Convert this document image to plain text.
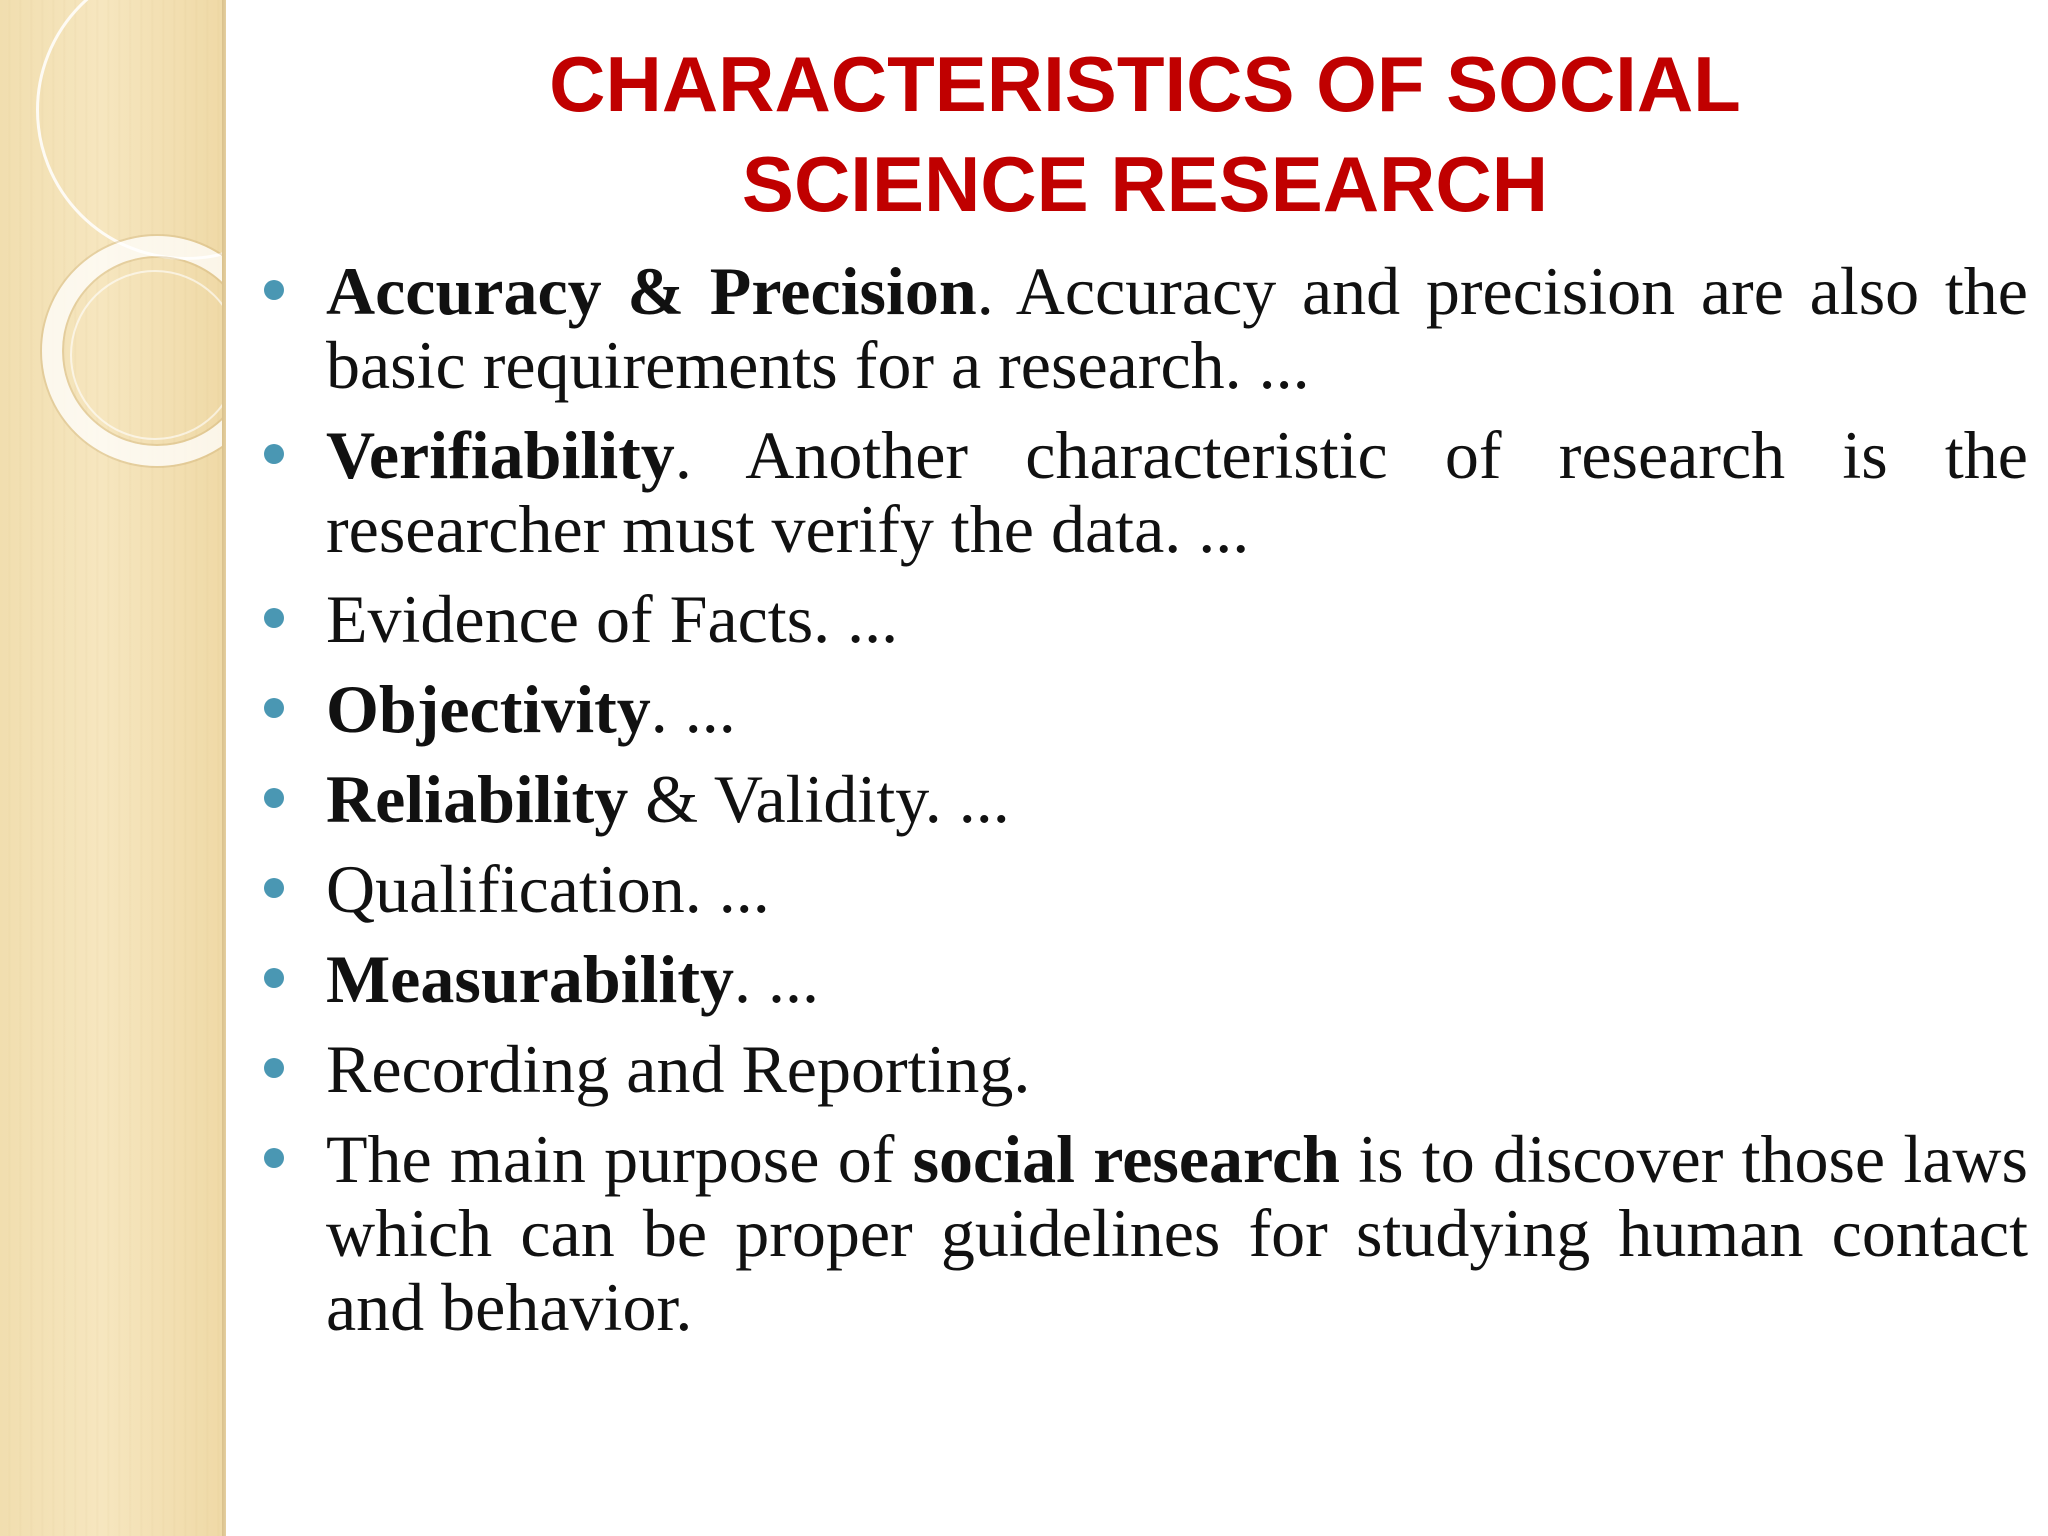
CHARACTERISTICS OF SOCIAL
SCIENCE RESEARCH
Accuracy & Precision. Accuracy and precision are also the basic requirements for a research. ...
Verifiability. Another characteristic of research is the researcher must verify the data. ...
Evidence of Facts. ...
Objectivity. ...
Reliability & Validity. ...
Qualification. ...
Measurability. ...
Recording and Reporting.
The main purpose of social research is to discover those laws which can be proper guidelines for studying human contact and behavior.
